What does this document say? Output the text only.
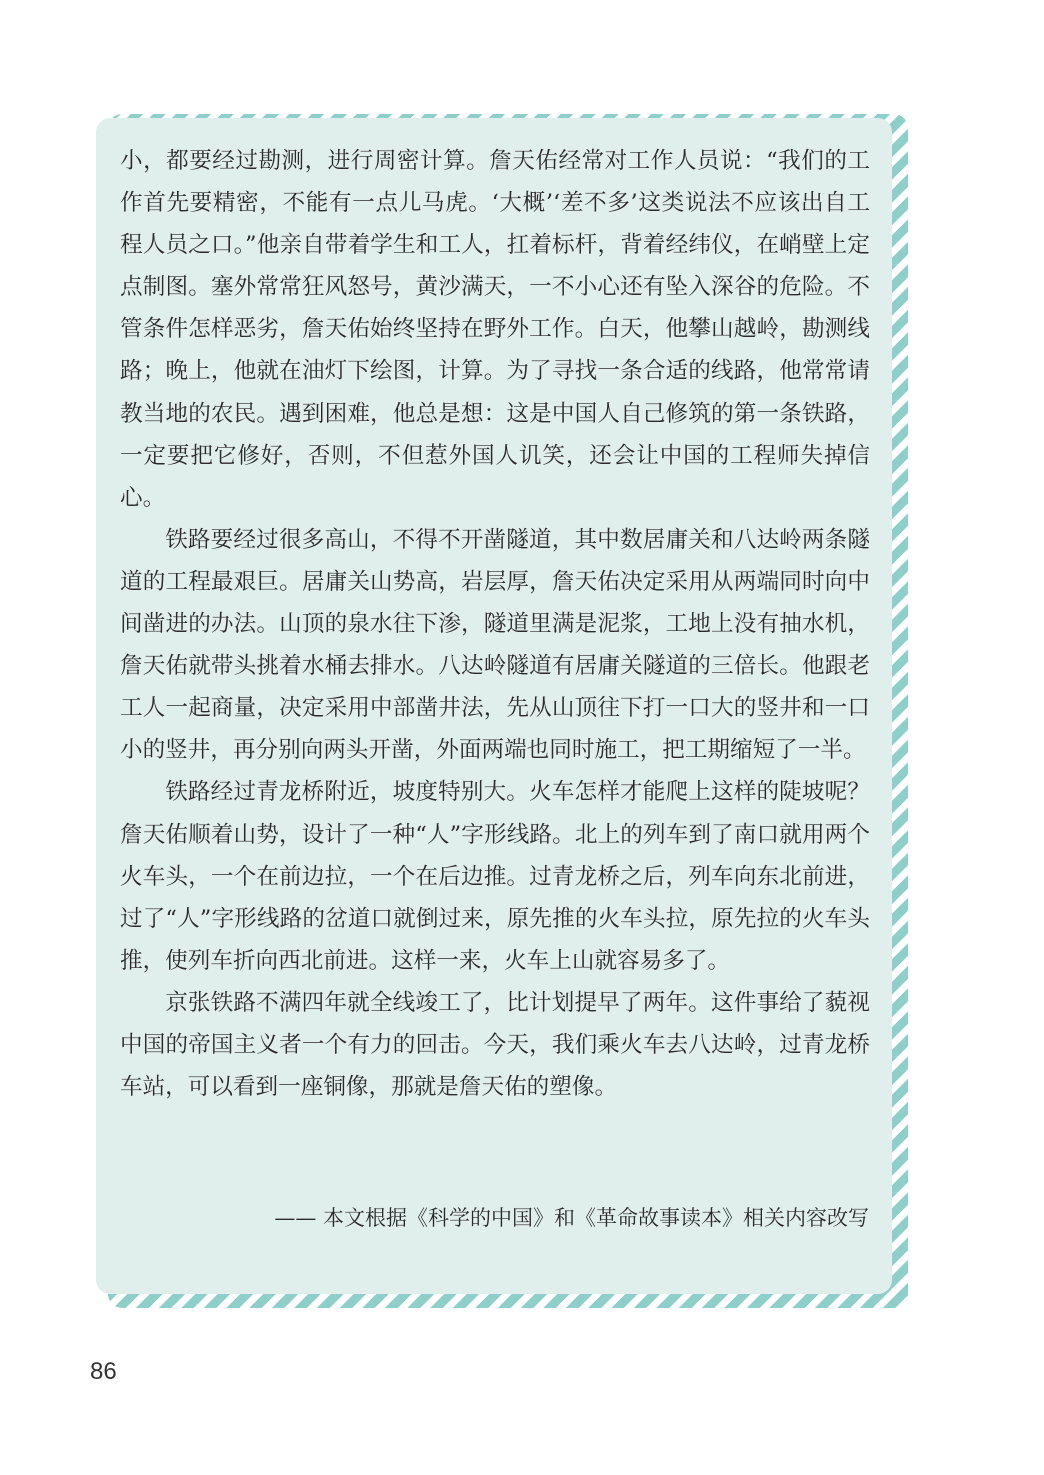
小，都要经过勘测，进行周密计算。詹天佑经常对工作人员说：“我们的工作首先要精密，不能有一点儿马虎。‘大概’‘差不多’这类说法不应该出自工程人员之口。”他亲自带着学生和工人，扛着标杆，背着经纬仪，在峭壁上定点制图。塞外常常狂风怒号，黄沙满天，一不小心还有坠入深谷的危险。不管条件怎样恶劣，詹天佑始终坚持在野外工作。白天，他攀山越岭，勘测线路；晚上，他就在油灯下绘图，计算。为了寻找一条合适的线路，他常常请教当地的农民。遇到困难，他总是想：这是中国人自己修筑的第一条铁路，一定要把它修好，否则，不但惹外国人讥笑，还会让中国的工程师失掉信心。

铁路要经过很多高山，不得不开凿隧道，其中数居庸关和八达岭两条隧道的工程最艰巨。居庸关山势高，岩层厚，詹天佑决定采用从两端同时向中间凿进的办法。山顶的泉水往下渗，隧道里满是泥浆，工地上没有抽水机，詹天佑就带头挑着水桶去排水。八达岭隧道有居庸关隧道的三倍长。他跟老工人一起商量，决定采用中部凿井法，先从山顶往下打一口大的竖井和一口小的竖井，再分别向两头开凿，外面两端也同时施工，把工期缩短了一半。

铁路经过青龙桥附近，坡度特别大。火车怎样才能爬上这样的陡坡呢？詹天佑顺着山势，设计了一种“人”字形线路。北上的列车到了南口就用两个火车头，一个在前边拉，一个在后边推。过青龙桥之后，列车向东北前进，过了“人”字形线路的岔道口就倒过来，原先推的火车头拉，原先拉的火车头推，使列车折向西北前进。这样一来，火车上山就容易多了。

京张铁路不满四年就全线竣工了，比计划提早了两年。这件事给了藐视中国的帝国主义者一个有力的回击。今天，我们乘火车去八达岭，过青龙桥车站，可以看到一座铜像，那就是詹天佑的塑像。

—— 本文根据《科学的中国》和《革命故事读本》相关内容改写
86
